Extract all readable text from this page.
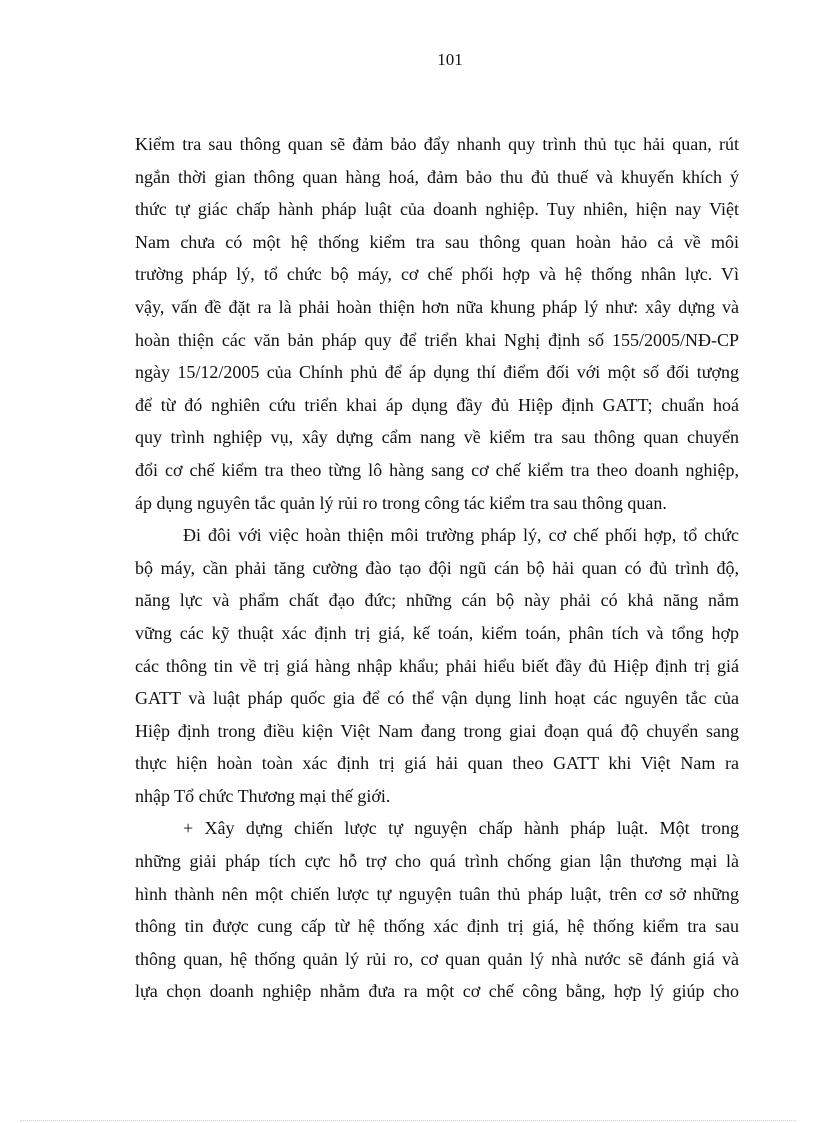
101

Kiểm tra sau thông quan sẽ đảm bảo đẩy nhanh quy trình thủ tục hải quan, rút
ngắn thời gian thông quan hàng hoá, đảm bảo thu đủ thuế và khuyến khích ý
thức tự giác chấp hành pháp luật của doanh nghiệp. Tuy nhiên, hiện nay Việt
Nam chưa có một hệ thống kiểm tra sau thông quan hoàn hảo cả về môi
trường pháp lý, tổ chức bộ máy, cơ chế phối hợp và hệ thống nhân lực. Vì
vậy, vấn đề đặt ra là phải hoàn thiện hơn nữa khung pháp lý như: xây dựng và
hoàn thiện các văn bản pháp quy để triển khai Nghị định số 155/2005/NĐ-CP
ngày 15/12/2005 của Chính phủ để áp dụng thí điểm đối với một số đối tượng
để từ đó nghiên cứu triển khai áp dụng đầy đủ Hiệp định GATT; chuẩn hoá
quy trình nghiệp vụ, xây dựng cẩm nang về kiểm tra sau thông quan chuyển
đổi cơ chế kiểm tra theo từng lô hàng sang cơ chế kiểm tra theo doanh nghiệp,
áp dụng nguyên tắc quản lý rủi ro trong công tác kiểm tra sau thông quan.

Đi đôi với việc hoàn thiện môi trường pháp lý, cơ chế phối hợp, tổ chức
bộ máy, cần phải tăng cường đào tạo đội ngũ cán bộ hải quan có đủ trình độ,
năng lực và phẩm chất đạo đức; những cán bộ này phải có khả năng nắm
vững các kỹ thuật xác định trị giá, kế toán, kiểm toán, phân tích và tổng hợp
các thông tin về trị giá hàng nhập khẩu; phải hiểu biết đầy đủ Hiệp định trị giá
GATT và luật pháp quốc gia để có thể vận dụng linh hoạt các nguyên tắc của
Hiệp định trong điều kiện Việt Nam đang trong giai đoạn quá độ chuyển sang
thực hiện hoàn toàn xác định trị giá hải quan theo GATT khi Việt Nam ra
nhập Tổ chức Thương mại thế giới.

+ Xây dựng chiến lược tự nguyện chấp hành pháp luật. Một trong
những giải pháp tích cực hỗ trợ cho quá trình chống gian lận thương mại là
hình thành nên một chiến lược tự nguyện tuân thủ pháp luật, trên cơ sở những
thông tin được cung cấp từ hệ thống xác định trị giá, hệ thống kiểm tra sau
thông quan, hệ thống quản lý rủi ro, cơ quan quản lý nhà nước sẽ đánh giá và
lựa chọn doanh nghiệp nhằm đưa ra một cơ chế công bằng, hợp lý giúp cho
